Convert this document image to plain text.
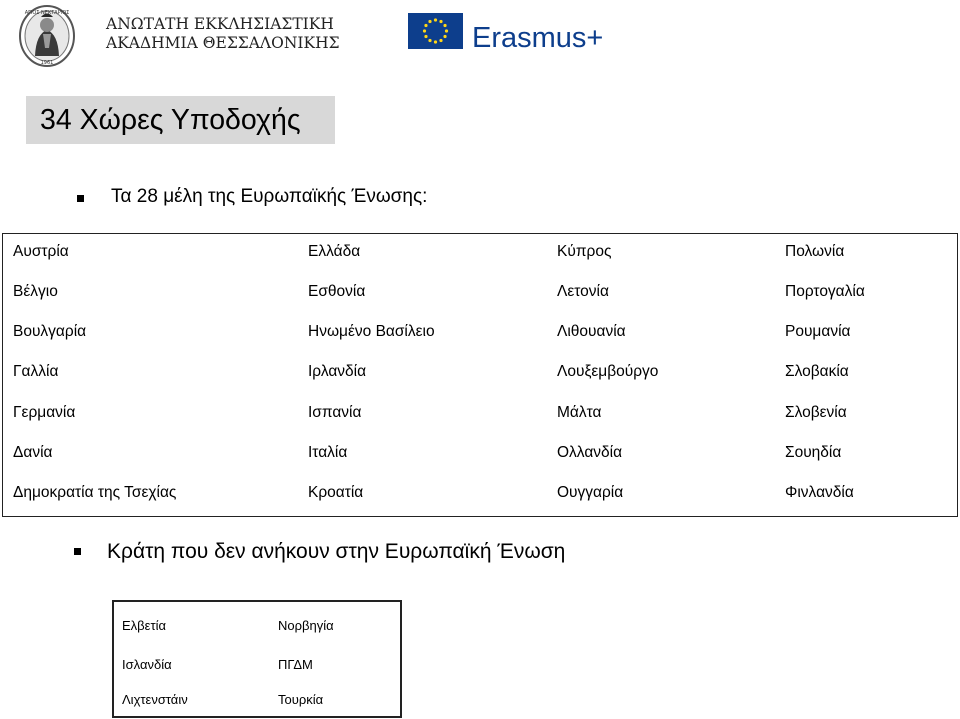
ΑΓΙΟΣ ΝΕΚΤΑΡΙΟΣ
1961
ΑΝΩΤΑΤΗ ΕΚΚΛΗΣΙΑΣΤΙΚΗ
ΑΚΑΔΗΜΙΑ ΘΕΣΣΑΛΟΝΙΚΗΣ	Erasmus+
34 Χώρες Υποδοχής
Τα 28 μέλη της Ευρωπαϊκής Ένωσης:
Αυστρία	Ελλάδα	Κύπρος	Πολωνία
Βέλγιο	Εσθονία	Λετονία	Πορτογαλία
Βουλγαρία	Ηνωμένο Βασίλειο	Λιθουανία	Ρουμανία
Γαλλία	Ιρλανδία	Λουξεμβούργο	Σλοβακία
Γερμανία	Ισπανία	Μάλτα	Σλοβενία
Δανία	Ιταλία	Ολλανδία	Σουηδία
Δημοκρατία της Τσεχίας	Κροατία	Ουγγαρία	Φινλανδία
Κράτη που δεν ανήκουν στην Ευρωπαϊκή Ένωση
Ελβετία	Νορβηγία
Ισλανδία	ΠΓΔΜ
Λιχτενστάιν	Τουρκία
